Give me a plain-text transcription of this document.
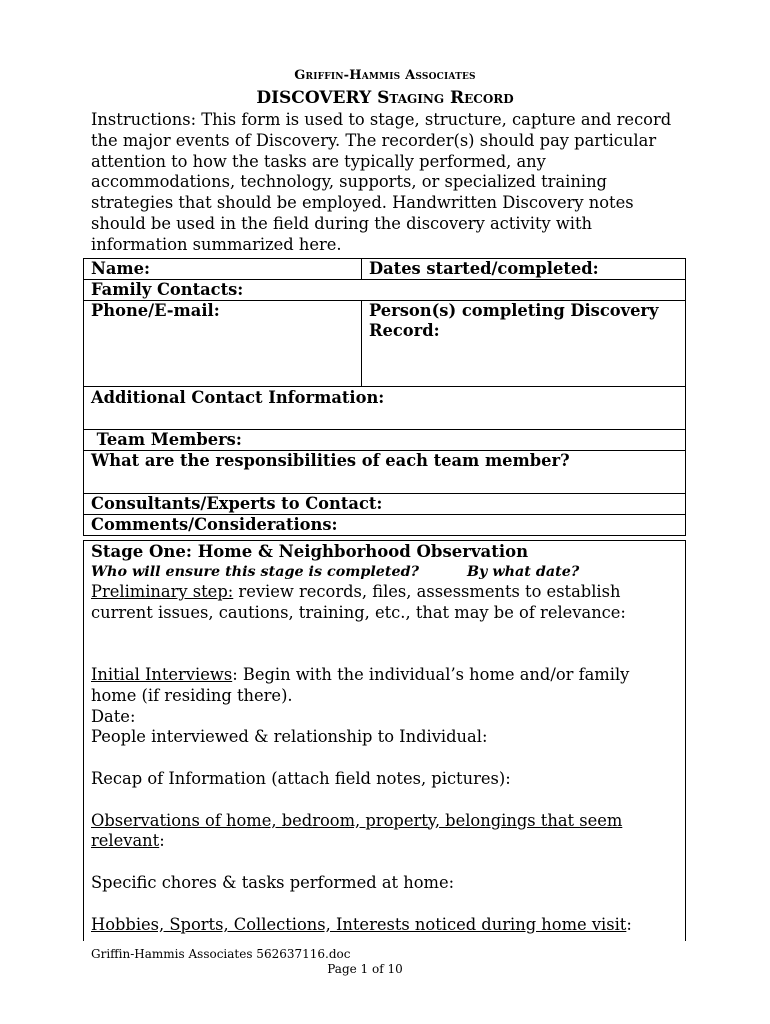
Griffin-Hammis Associates
DISCOVERY Staging Record
Instructions: This form is used to stage, structure, capture and record the major events of Discovery. The recorder(s) should pay particular attention to how the tasks are typically performed, any accommodations, technology, supports, or specialized training strategies that should be employed. Handwritten Discovery notes should be used in the field during the discovery activity with information summarized here.
Name:	Dates started/completed:
Family Contacts:	
Phone/E-mail:	Person(s) completing Discovery Record:
Additional Contact Information:	
Team Members:	
What are the responsibilities of each team member?	
Consultants/Experts to Contact:	
Comments/Considerations:	
Stage One: Home & Neighborhood Observation
Who will ensure this stage is completed?	By what date?
Preliminary step: review records, files, assessments to establish current issues, cautions, training, etc., that may be of relevance:
Initial Interviews: Begin with the individual’s home and/or family home (if residing there).
Date:
People interviewed & relationship to Individual:
Recap of Information (attach field notes, pictures):
Observations of home, bedroom, property, belongings that seem relevant:
Specific chores & tasks performed at home:
Hobbies, Sports, Collections, Interests noticed during home visit:
Griffin-Hammis Associates 562637116.doc
Page 1 of 10
